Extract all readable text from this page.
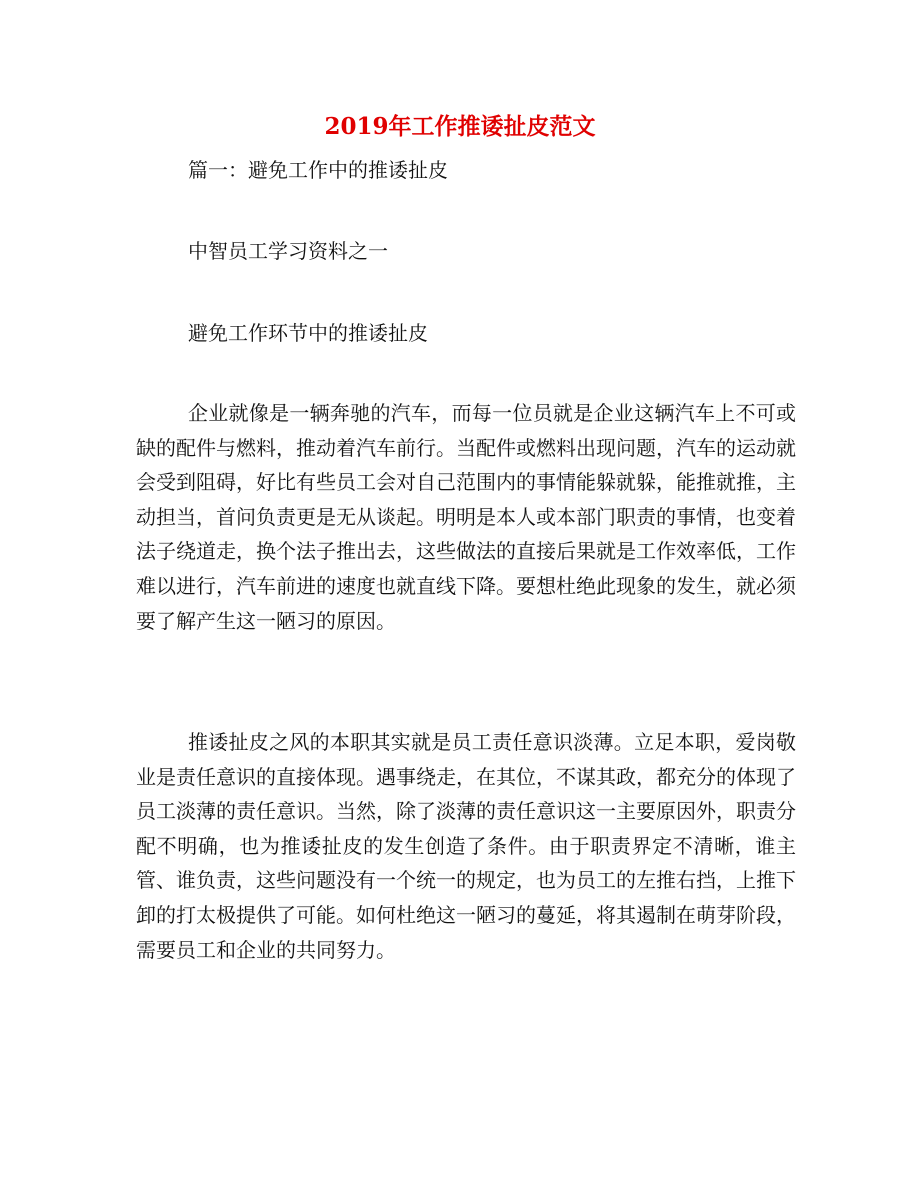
2019年工作推诿扯皮范文

篇一：避免工作中的推诿扯皮

中智员工学习资料之一

避免工作环节中的推诿扯皮

企业就像是一辆奔驰的汽车，而每一位员就是企业这辆汽车上不可或缺的配件与燃料，推动着汽车前行。当配件或燃料出现问题，汽车的运动就会受到阻碍，好比有些员工会对自己范围内的事情能躲就躲，能推就推，主动担当，首问负责更是无从谈起。明明是本人或本部门职责的事情，也变着法子绕道走，换个法子推出去，这些做法的直接后果就是工作效率低，工作难以进行，汽车前进的速度也就直线下降。要想杜绝此现象的发生，就必须要了解产生这一陋习的原因。

推诿扯皮之风的本职其实就是员工责任意识淡薄。立足本职，爱岗敬业是责任意识的直接体现。遇事绕走，在其位，不谋其政，都充分的体现了员工淡薄的责任意识。当然，除了淡薄的责任意识这一主要原因外，职责分配不明确，也为推诿扯皮的发生创造了条件。由于职责界定不清晰，谁主管、谁负责，这些问题没有一个统一的规定，也为员工的左推右挡，上推下卸的打太极提供了可能。如何杜绝这一陋习的蔓延，将其遏制在萌芽阶段，需要员工和企业的共同努力。
